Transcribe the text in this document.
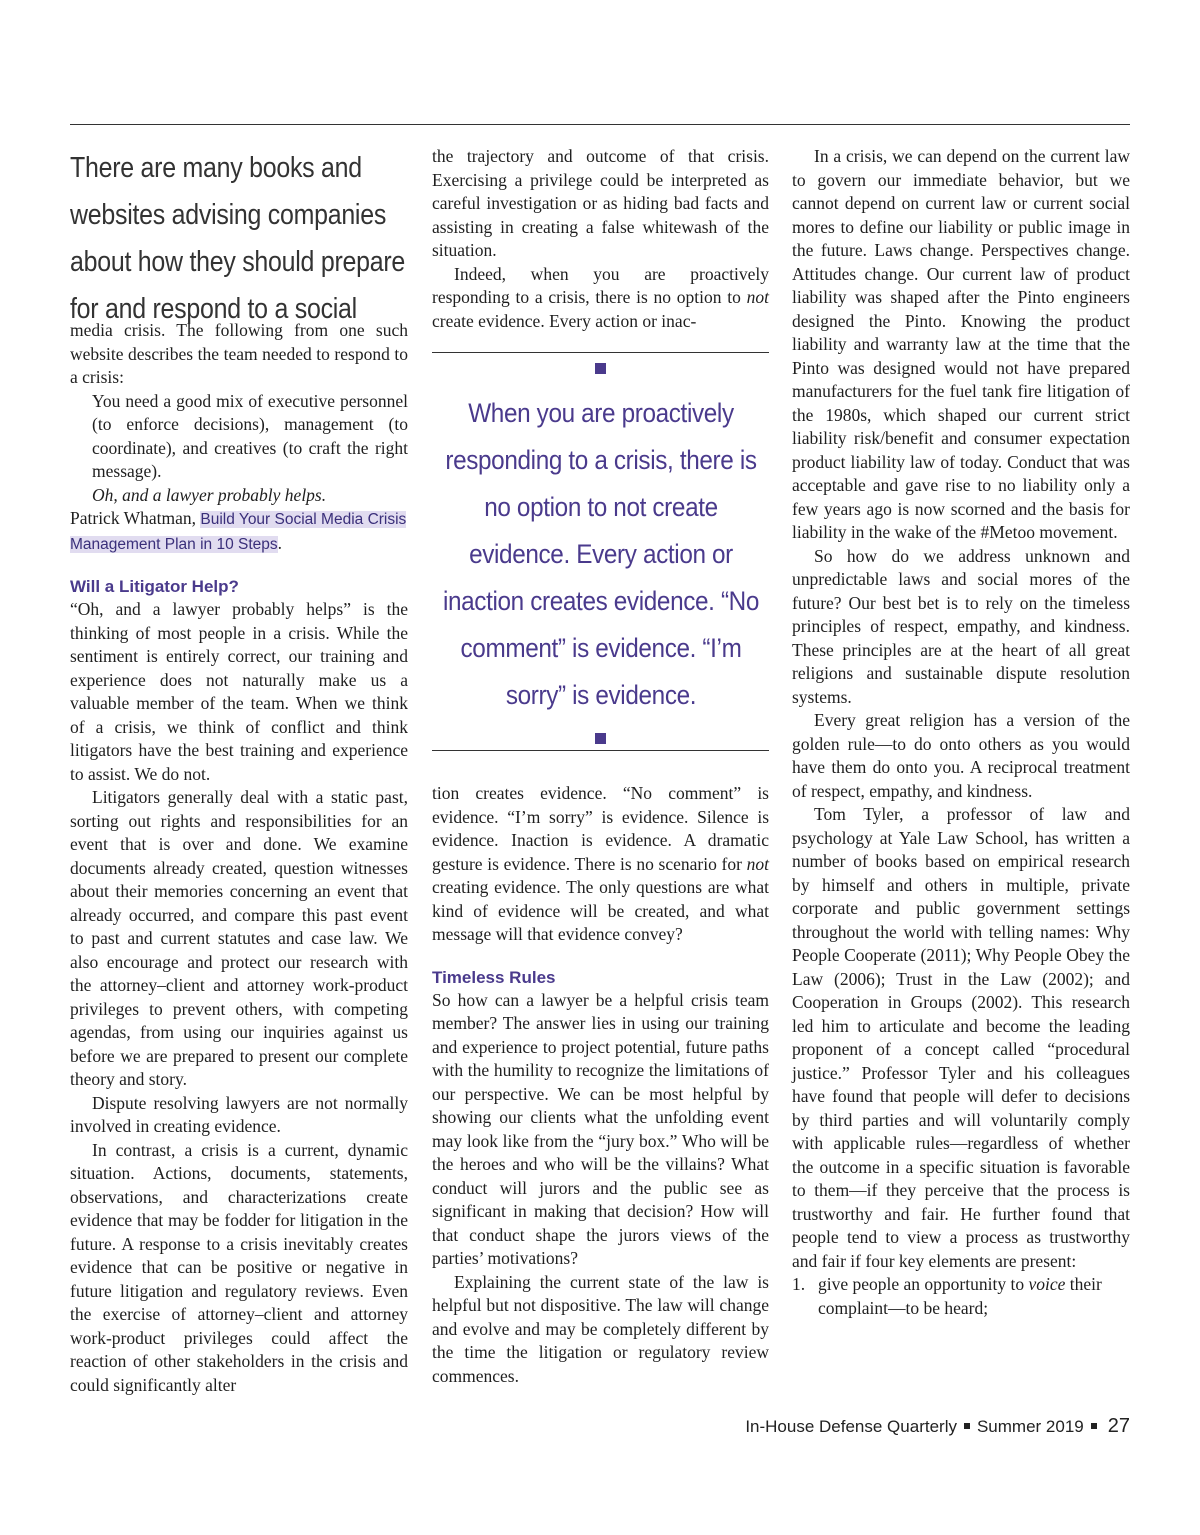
There are many books and websites advising companies about how they should prepare for and respond to a social

media crisis. The following from one such website describes the team needed to respond to a crisis:

You need a good mix of executive personnel (to enforce decisions), management (to coordinate), and creatives (to craft the right message).

Oh, and a lawyer probably helps.

Patrick Whatman, Build Your Social Media Crisis Management Plan in 10 Steps.

Will a Litigator Help?

“Oh, and a lawyer probably helps” is the thinking of most people in a crisis. While the sentiment is entirely correct, our training and experience does not naturally make us a valuable member of the team. When we think of a crisis, we think of conflict and think litigators have the best training and experience to assist. We do not.

Litigators generally deal with a static past, sorting out rights and responsibilities for an event that is over and done. We examine documents already created, question witnesses about their memories concerning an event that already occurred, and compare this past event to past and current statutes and case law. We also encourage and protect our research with the attorney–client and attorney work-product privileges to prevent others, with competing agendas, from using our inquiries against us before we are prepared to present our complete theory and story.

Dispute resolving lawyers are not normally involved in creating evidence.

In contrast, a crisis is a current, dynamic situation. Actions, documents, statements, observations, and characterizations create evidence that may be fodder for litigation in the future. A response to a crisis inevitably creates evidence that can be positive or negative in future litigation and regulatory reviews. Even the exercise of attorney–client and attorney work-product privileges could affect the reaction of other stakeholders in the crisis and could significantly alter

the trajectory and outcome of that crisis. Exercising a privilege could be interpreted as careful investigation or as hiding bad facts and assisting in creating a false whitewash of the situation.

Indeed, when you are proactively responding to a crisis, there is no option to not create evidence. Every action or inac-

When you are proactively responding to a crisis, there is no option to not create evidence. Every action or inaction creates evidence. “No comment” is evidence. “I’m sorry” is evidence.

tion creates evidence. “No comment” is evidence. “I’m sorry” is evidence. Silence is evidence. Inaction is evidence. A dramatic gesture is evidence. There is no scenario for not creating evidence. The only questions are what kind of evidence will be created, and what message will that evidence convey?

Timeless Rules

So how can a lawyer be a helpful crisis team member? The answer lies in using our training and experience to project potential, future paths with the humility to recognize the limitations of our perspective. We can be most helpful by showing our clients what the unfolding event may look like from the “jury box.” Who will be the heroes and who will be the villains? What conduct will jurors and the public see as significant in making that decision? How will that conduct shape the jurors views of the parties’ motivations?

Explaining the current state of the law is helpful but not dispositive. The law will change and evolve and may be completely different by the time the litigation or regulatory review commences.

In a crisis, we can depend on the current law to govern our immediate behavior, but we cannot depend on current law or current social mores to define our liability or public image in the future. Laws change. Perspectives change. Attitudes change. Our current law of product liability was shaped after the Pinto engineers designed the Pinto. Knowing the product liability and warranty law at the time that the Pinto was designed would not have prepared manufacturers for the fuel tank fire litigation of the 1980s, which shaped our current strict liability risk/benefit and consumer expectation product liability law of today. Conduct that was acceptable and gave rise to no liability only a few years ago is now scorned and the basis for liability in the wake of the #Metoo movement.

So how do we address unknown and unpredictable laws and social mores of the future? Our best bet is to rely on the timeless principles of respect, empathy, and kindness. These principles are at the heart of all great religions and sustainable dispute resolution systems.

Every great religion has a version of the golden rule—to do onto others as you would have them do onto you. A reciprocal treatment of respect, empathy, and kindness.

Tom Tyler, a professor of law and psychology at Yale Law School, has written a number of books based on empirical research by himself and others in multiple, private corporate and public government settings throughout the world with telling names: Why People Cooperate (2011); Why People Obey the Law (2006); Trust in the Law (2002); and Cooperation in Groups (2002). This research led him to articulate and become the leading proponent of a concept called “procedural justice.” Professor Tyler and his colleagues have found that people will defer to decisions by third parties and will voluntarily comply with applicable rules—regardless of whether the outcome in a specific situation is favorable to them—if they perceive that the process is trustworthy and fair. He further found that people tend to view a process as trustworthy and fair if four key elements are present:

1. give people an opportunity to voice their complaint—to be heard;

In-House Defense Quarterly Summer 2019 27
